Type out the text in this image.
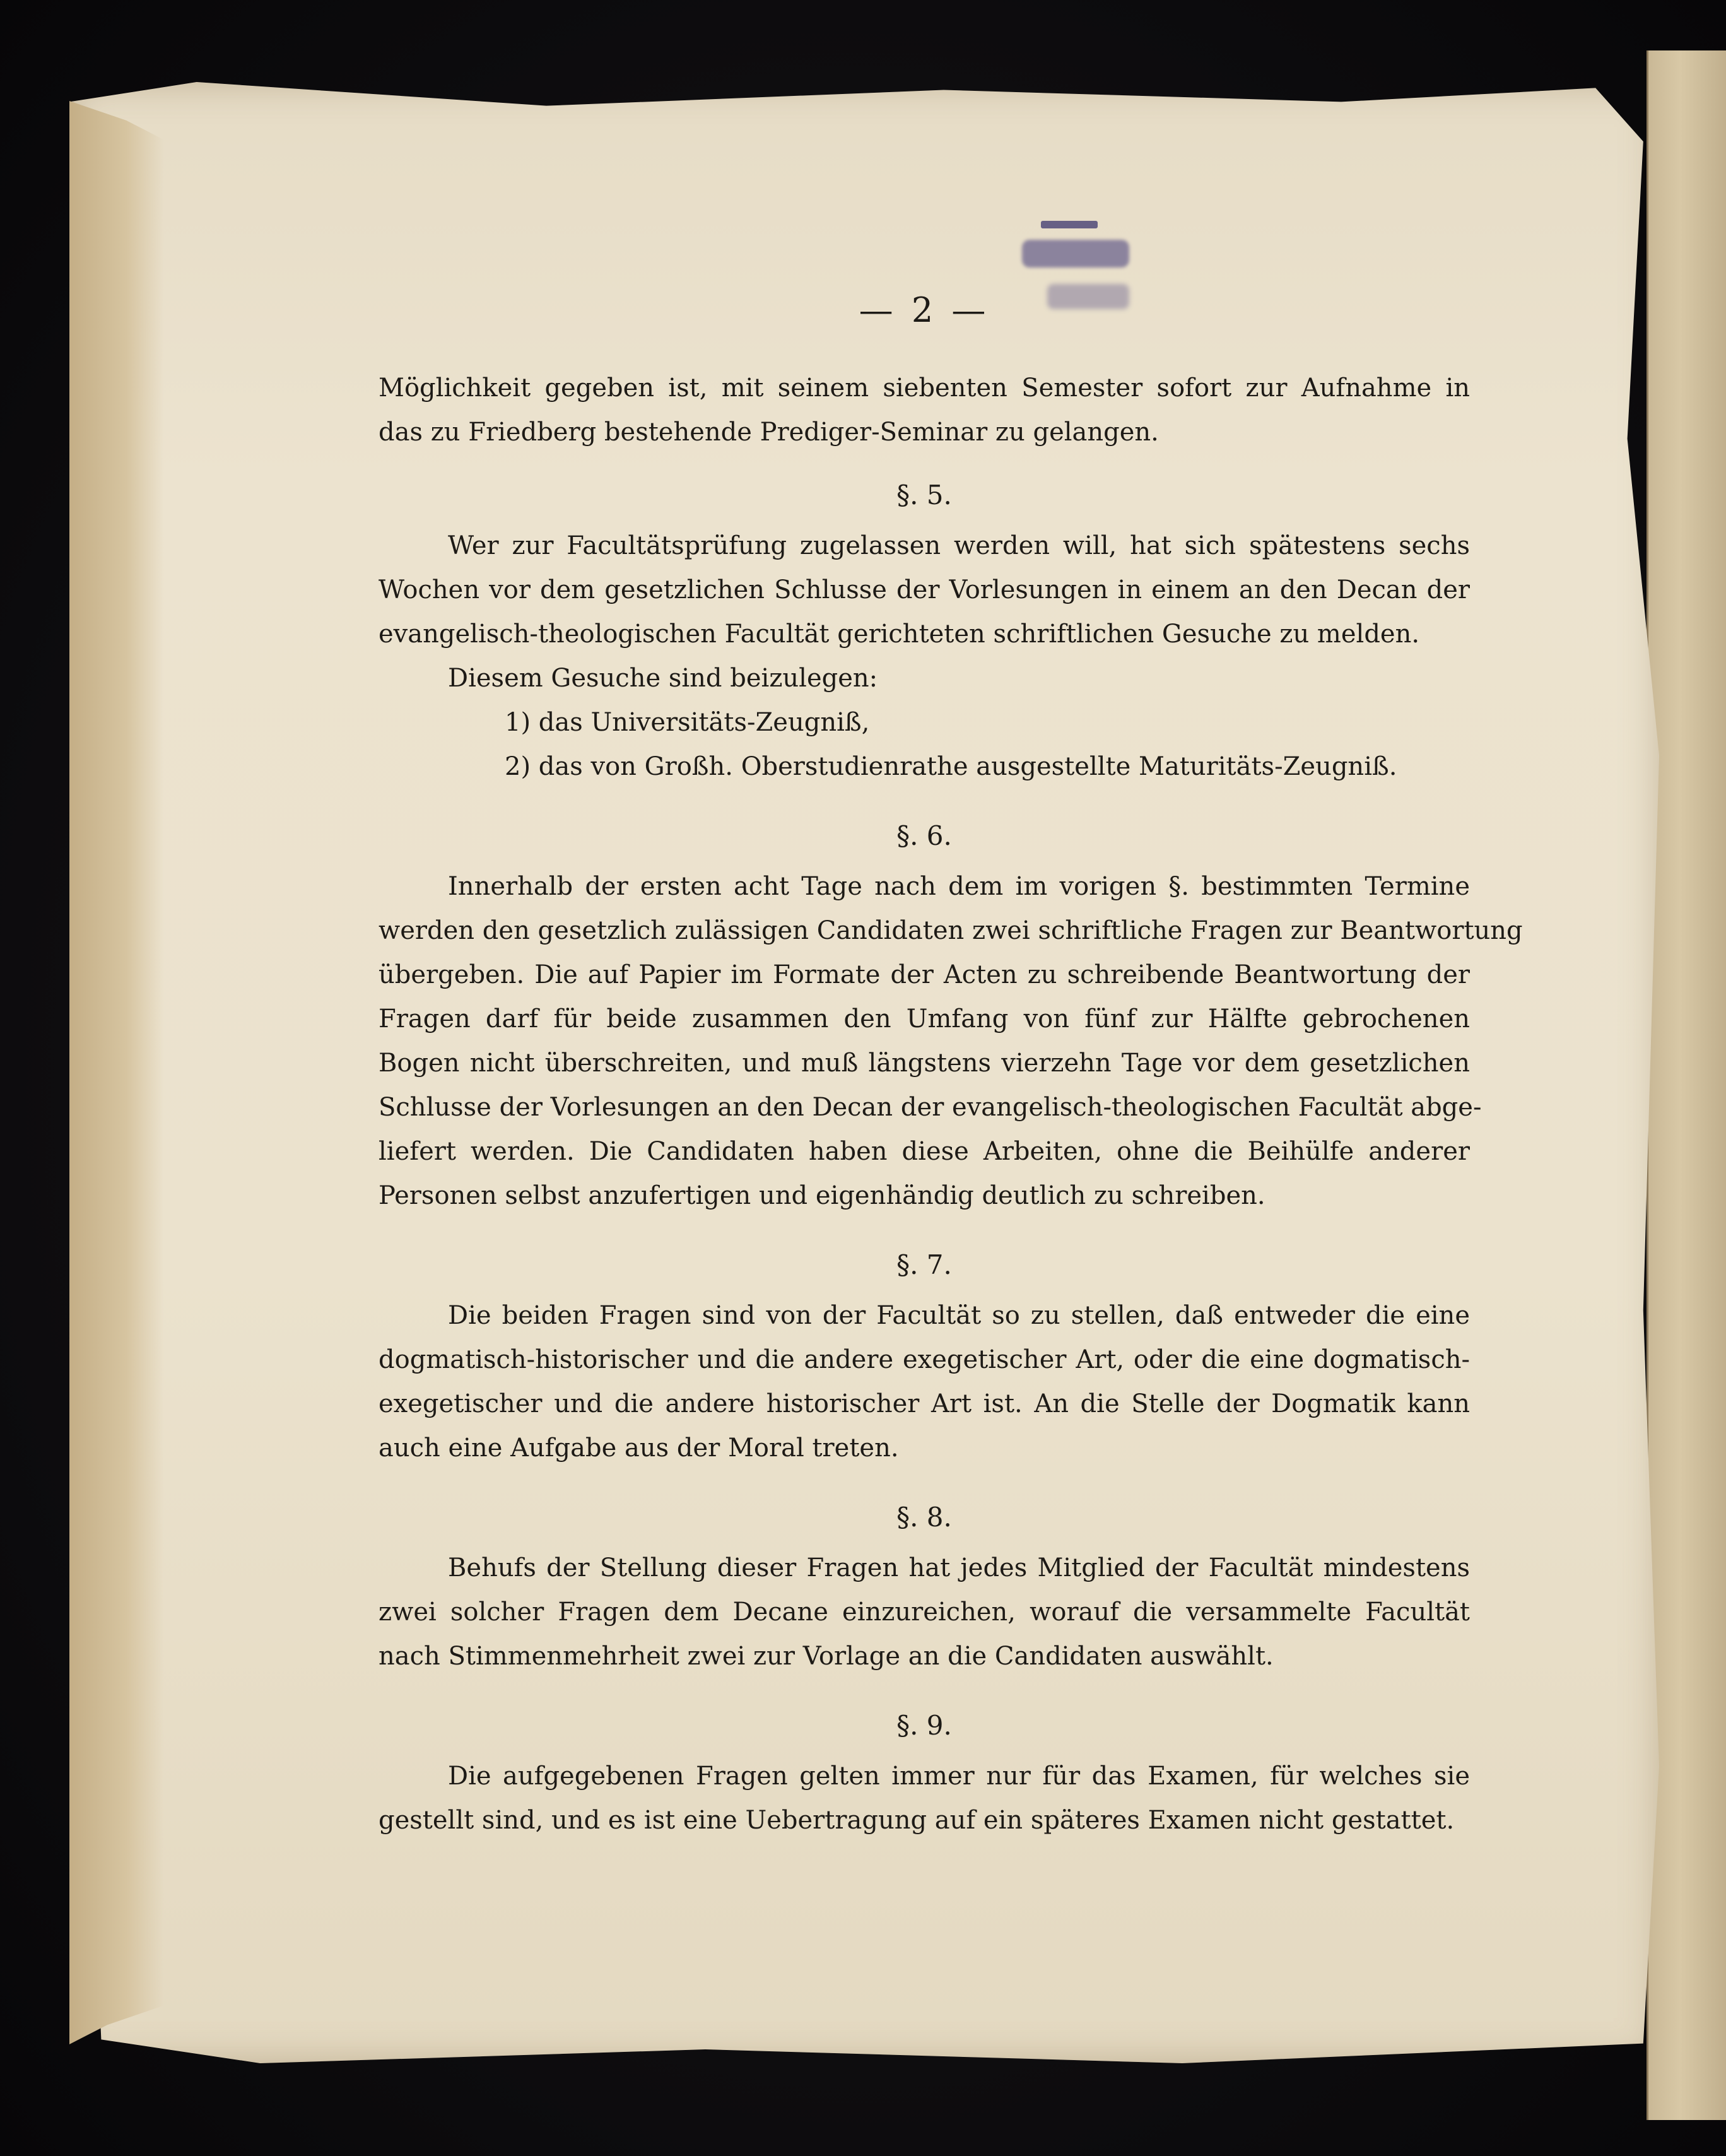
— 2 —
Möglichkeit gegeben ist, mit seinem siebenten Semester sofort zur Aufnahme in
das zu Friedberg bestehende Prediger-Seminar zu gelangen.
§. 5.
Wer zur Facultätsprüfung zugelassen werden will, hat sich spätestens sechs
Wochen vor dem gesetzlichen Schlusse der Vorlesungen in einem an den Decan der
evangelisch-theologischen Facultät gerichteten schriftlichen Gesuche zu melden.
Diesem Gesuche sind beizulegen:
1) das Universitäts-Zeugniß,
2) das von Großh. Oberstudienrathe ausgestellte Maturitäts-Zeugniß.
§. 6.
Innerhalb der ersten acht Tage nach dem im vorigen §. bestimmten Termine
werden den gesetzlich zulässigen Candidaten zwei schriftliche Fragen zur Beantwortung
übergeben. Die auf Papier im Formate der Acten zu schreibende Beantwortung der
Fragen darf für beide zusammen den Umfang von fünf zur Hälfte gebrochenen
Bogen nicht überschreiten, und muß längstens vierzehn Tage vor dem gesetzlichen
Schlusse der Vorlesungen an den Decan der evangelisch-theologischen Facultät abge-
liefert werden. Die Candidaten haben diese Arbeiten, ohne die Beihülfe anderer
Personen selbst anzufertigen und eigenhändig deutlich zu schreiben.
§. 7.
Die beiden Fragen sind von der Facultät so zu stellen, daß entweder die eine
dogmatisch-historischer und die andere exegetischer Art, oder die eine dogmatisch-
exegetischer und die andere historischer Art ist. An die Stelle der Dogmatik kann
auch eine Aufgabe aus der Moral treten.
§. 8.
Behufs der Stellung dieser Fragen hat jedes Mitglied der Facultät mindestens
zwei solcher Fragen dem Decane einzureichen, worauf die versammelte Facultät
nach Stimmenmehrheit zwei zur Vorlage an die Candidaten auswählt.
§. 9.
Die aufgegebenen Fragen gelten immer nur für das Examen, für welches sie
gestellt sind, und es ist eine Uebertragung auf ein späteres Examen nicht gestattet.
